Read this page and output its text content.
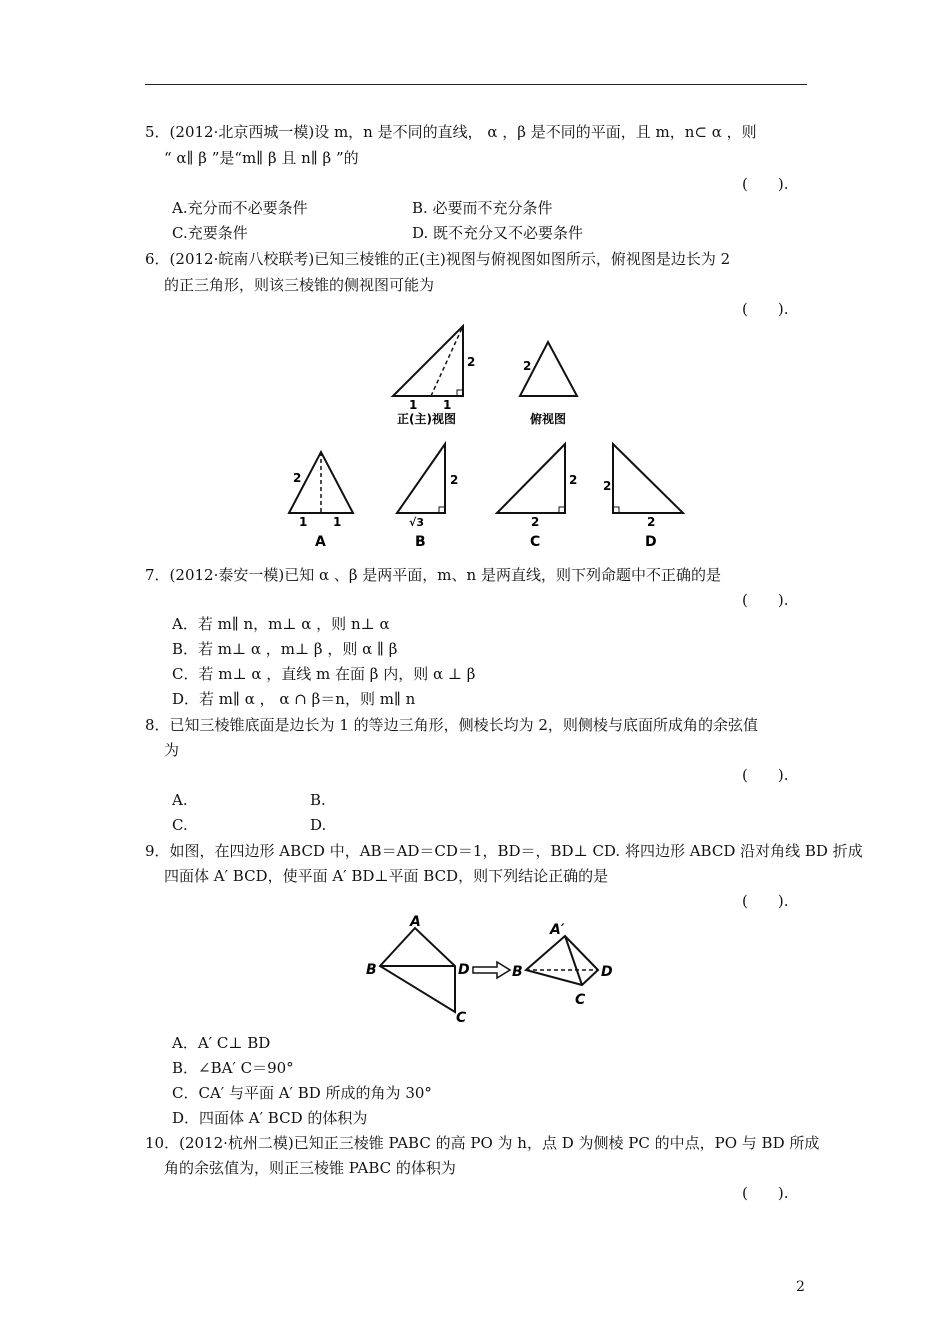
5．(2012·北京西城一模)设 m，n 是不同的直线， α ，β 是不同的平面，且 m，n⊂ α ，则
“ α∥ β ”是“m∥ β 且 n∥ β ”的
(　　).
A.充分而不必要条件	B. 必要而不充分条件
C.充要条件	D. 既不充分又不必要条件
6．(2012·皖南八校联考)已知三棱锥的正(主)视图与俯视图如图所示，俯视图是边长为 2
的正三角形，则该三棱锥的侧视图可能为
(　　).
2
1 1
正(主)视图
2
俯视图
2
1 1
A
2
√3
B
2
2
C
2
2
D
7．(2012·泰安一模)已知 α 、β 是两平面，m、n 是两直线，则下列命题中不正确的是
(　　).
A．若 m∥ n，m⊥ α ，则 n⊥ α
B．若 m⊥ α ，m⊥ β ，则 α ∥ β
C．若 m⊥ α ，直线 m 在面 β 内，则 α ⊥ β
D．若 m∥ α ， α ∩ β＝n，则 m∥ n
8．已知三棱锥底面是边长为 1 的等边三角形，侧棱长均为 2，则侧棱与底面所成角的余弦值
为
(　　).
A.	B.
C.	D.
9．如图，在四边形 ABCD 中，AB＝AD＝CD＝1，BD＝，BD⊥ CD. 将四边形 ABCD 沿对角线 BD 折成
四面体 A′ BCD，使平面 A′ BD⊥平面 BCD，则下列结论正确的是
(　　).
A
B	D
C
A′
B	D
C
A．A′ C⊥ BD
B．∠BA′ C＝90°
C．CA′ 与平面 A′ BD 所成的角为 30°
D．四面体 A′ BCD 的体积为
10．(2012·杭州二模)已知正三棱锥 PABC 的高 PO 为 h，点 D 为侧棱 PC 的中点，PO 与 BD 所成
角的余弦值为，则正三棱锥 PABC 的体积为
(　　).
2
